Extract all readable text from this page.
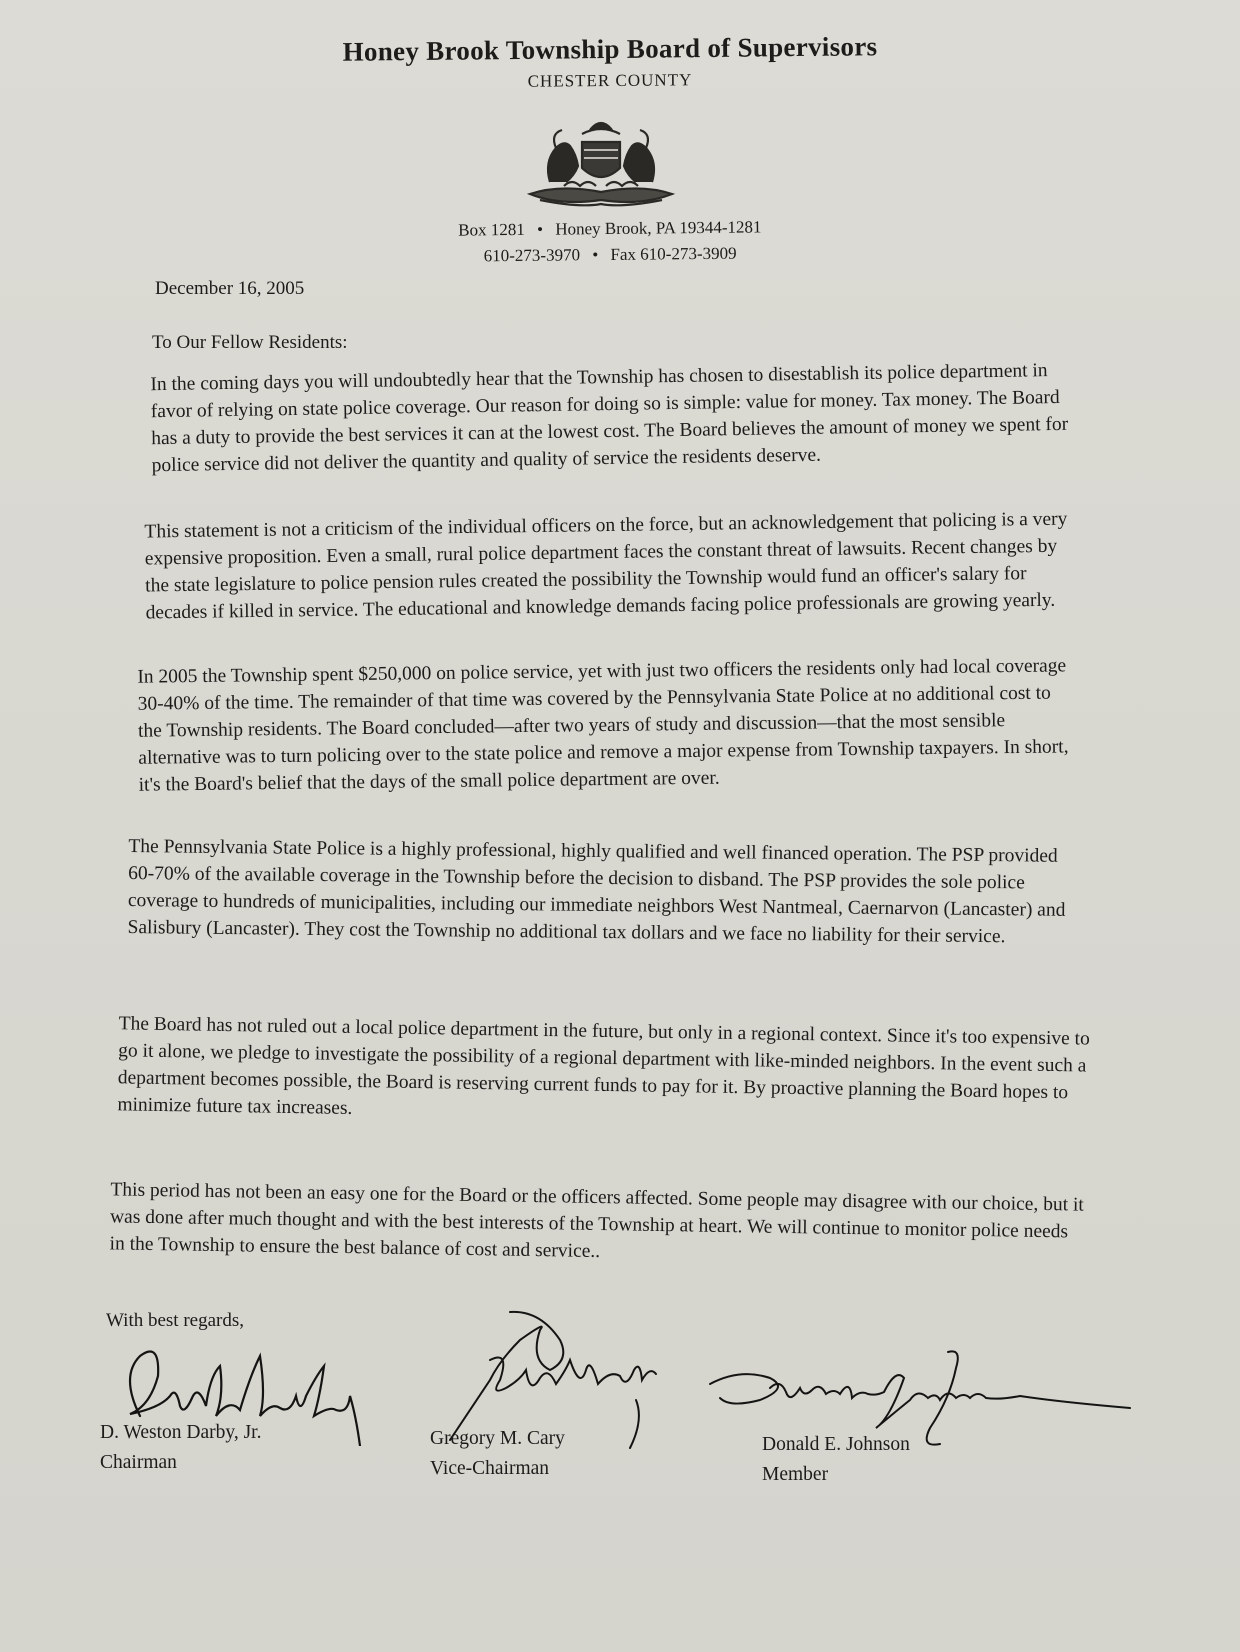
Honey Brook Township Board of Supervisors
CHESTER COUNTY
Box 1281 • Honey Brook, PA 19344-1281
610-273-3970 • Fax 610-273-3909
December 16, 2005
To Our Fellow Residents:

In the coming days you will undoubtedly hear that the Township has chosen to disestablish its police department in favor of relying on state police coverage. Our reason for doing so is simple: value for money. Tax money. The Board has a duty to provide the best services it can at the lowest cost. The Board believes the amount of money we spent for police service did not deliver the quantity and quality of service the residents deserve.

This statement is not a criticism of the individual officers on the force, but an acknowledgement that policing is a very expensive proposition. Even a small, rural police department faces the constant threat of lawsuits. Recent changes by the state legislature to police pension rules created the possibility the Township would fund an officer's salary for decades if killed in service. The educational and knowledge demands facing police professionals are growing yearly.

In 2005 the Township spent $250,000 on police service, yet with just two officers the residents only had local coverage 30-40% of the time. The remainder of that time was covered by the Pennsylvania State Police at no additional cost to the Township residents. The Board concluded—after two years of study and discussion—that the most sensible alternative was to turn policing over to the state police and remove a major expense from Township taxpayers. In short, it's the Board's belief that the days of the small police department are over.

The Pennsylvania State Police is a highly professional, highly qualified and well financed operation. The PSP provided 60-70% of the available coverage in the Township before the decision to disband. The PSP provides the sole police coverage to hundreds of municipalities, including our immediate neighbors West Nantmeal, Caernarvon (Lancaster) and Salisbury (Lancaster). They cost the Township no additional tax dollars and we face no liability for their service.

The Board has not ruled out a local police department in the future, but only in a regional context. Since it's too expensive to go it alone, we pledge to investigate the possibility of a regional department with like-minded neighbors. In the event such a department becomes possible, the Board is reserving current funds to pay for it. By proactive planning the Board hopes to minimize future tax increases.

This period has not been an easy one for the Board or the officers affected. Some people may disagree with our choice, but it was done after much thought and with the best interests of the Township at heart. We will continue to monitor police needs in the Township to ensure the best balance of cost and service..

With best regards,
D. Weston Darby, Jr.
Chairman
Gregory M. Cary
Vice-Chairman
Donald E. Johnson
Member
